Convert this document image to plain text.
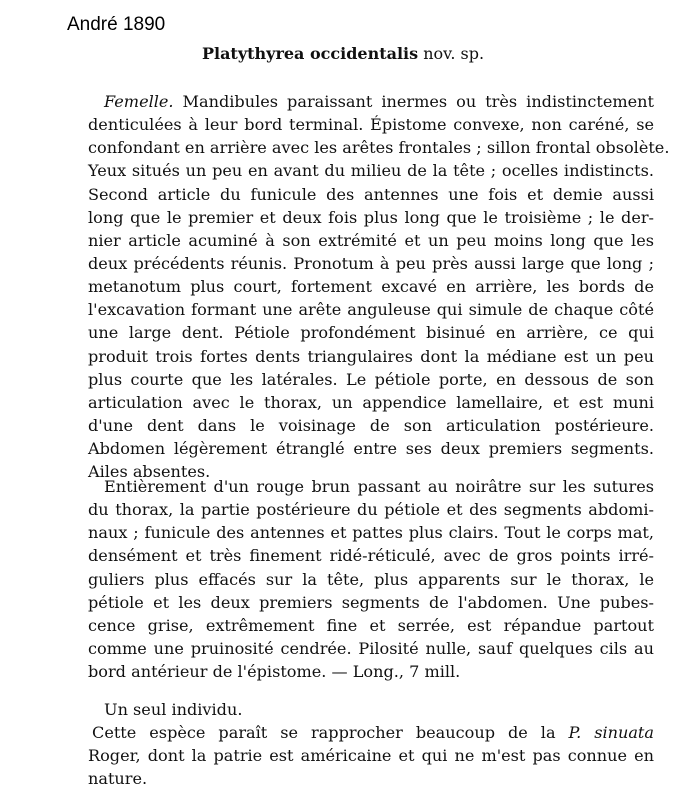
André 1890
Platythyrea occidentalis nov. sp.
Femelle. Mandibules paraissant inermes ou très indistinctement
denticulées à leur bord terminal. Épistome convexe, non caréné, se
confondant en arrière avec les arêtes frontales ; sillon frontal obsolète.
Yeux situés un peu en avant du milieu de la tête ; ocelles indistincts.
Second article du funicule des antennes une fois et demie aussi
long que le premier et deux fois plus long que le troisième ; le der-
nier article acuminé à son extrémité et un peu moins long que les
deux précédents réunis. Pronotum à peu près aussi large que long ;
metanotum plus court, fortement excavé en arrière, les bords de
l'excavation formant une arête anguleuse qui simule de chaque côté
une large dent. Pétiole profondément bisinué en arrière, ce qui
produit trois fortes dents triangulaires dont la médiane est un peu
plus courte que les latérales. Le pétiole porte, en dessous de son
articulation avec le thorax, un appendice lamellaire, et est muni
d'une dent dans le voisinage de son articulation postérieure.
Abdomen légèrement étranglé entre ses deux premiers segments.
Ailes absentes.
Entièrement d'un rouge brun passant au noirâtre sur les sutures
du thorax, la partie postérieure du pétiole et des segments abdomi-
naux ; funicule des antennes et pattes plus clairs. Tout le corps mat,
densément et très finement ridé-réticulé, avec de gros points irré-
guliers plus effacés sur la tête, plus apparents sur le thorax, le
pétiole et les deux premiers segments de l'abdomen. Une pubes-
cence grise, extrêmement fine et serrée, est répandue partout
comme une pruinosité cendrée. Pilosité nulle, sauf quelques cils au
bord antérieur de l'épistome. — Long., 7 mill.
Un seul individu.
Cette espèce paraît se rapprocher beaucoup de la P. sinuata
Roger, dont la patrie est américaine et qui ne m'est pas connue en
nature.
